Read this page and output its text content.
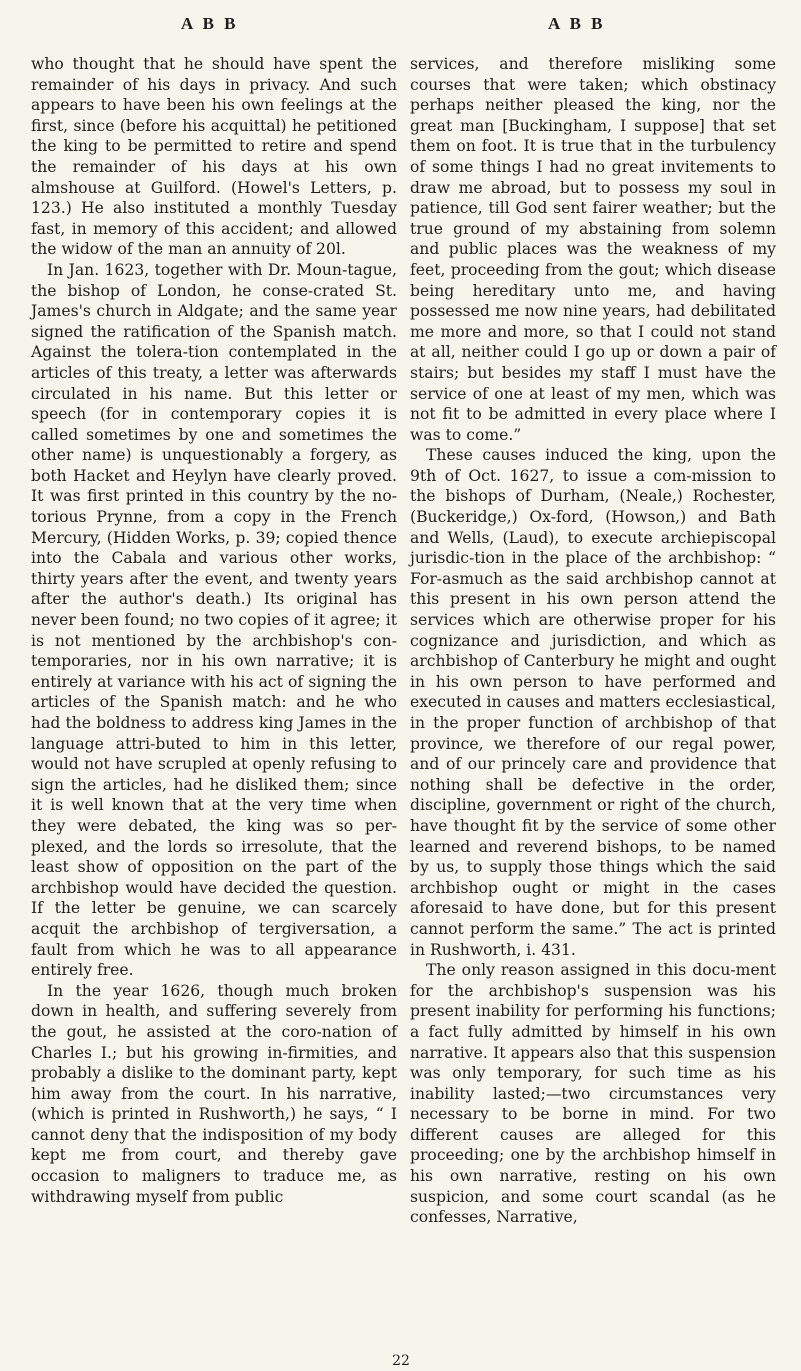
A B B	A B B

who thought that he should have spent the remainder of his days in privacy. And such appears to have been his own feelings at the first, since (before his acquittal) he petitioned the king to be permitted to retire and spend the remainder of his days at his own almshouse at Guilford. (Howel's Letters, p. 123.) He also instituted a monthly Tuesday fast, in memory of this accident; and allowed the widow of the man an annuity of 20l.

In Jan. 1623, together with Dr. Moun-tague, the bishop of London, he conse-crated St. James's church in Aldgate; and the same year signed the ratification of the Spanish match. Against the tolera-tion contemplated in the articles of this treaty, a letter was afterwards circulated in his name. But this letter or speech (for in contemporary copies it is called sometimes by one and sometimes the other name) is unquestionably a forgery, as both Hacket and Heylyn have clearly proved. It was first printed in this country by the no-torious Prynne, from a copy in the French Mercury, (Hidden Works, p. 39; copied thence into the Cabala and various other works, thirty years after the event, and twenty years after the author's death.) Its original has never been found; no two copies of it agree; it is not mentioned by the archbishop's con-temporaries, nor in his own narrative; it is entirely at variance with his act of signing the articles of the Spanish match: and he who had the boldness to address king James in the language attri-buted to him in this letter, would not have scrupled at openly refusing to sign the articles, had he disliked them; since it is well known that at the very time when they were debated, the king was so per-plexed, and the lords so irresolute, that the least show of opposition on the part of the archbishop would have decided the question. If the letter be genuine, we can scarcely acquit the archbishop of tergiversation, a fault from which he was to all appearance entirely free.

In the year 1626, though much broken down in health, and suffering severely from the gout, he assisted at the coro-nation of Charles I.; but his growing in-firmities, and probably a dislike to the dominant party, kept him away from the court. In his narrative, (which is printed in Rushworth,) he says, “ I cannot deny that the indisposition of my body kept me from court, and thereby gave occasion to maligners to traduce me, as withdrawing myself from public

services, and therefore misliking some courses that were taken; which obstinacy perhaps neither pleased the king, nor the great man [Buckingham, I suppose] that set them on foot. It is true that in the turbulency of some things I had no great invitements to draw me abroad, but to possess my soul in patience, till God sent fairer weather; but the true ground of my abstaining from solemn and public places was the weakness of my feet, proceeding from the gout; which disease being hereditary unto me, and having possessed me now nine years, had debilitated me more and more, so that I could not stand at all, neither could I go up or down a pair of stairs; but besides my staff I must have the service of one at least of my men, which was not fit to be admitted in every place where I was to come.”

These causes induced the king, upon the 9th of Oct. 1627, to issue a com-mission to the bishops of Durham, (Neale,) Rochester, (Buckeridge,) Ox-ford, (Howson,) and Bath and Wells, (Laud), to execute archiepiscopal jurisdic-tion in the place of the archbishop: “ For-asmuch as the said archbishop cannot at this present in his own person attend the services which are otherwise proper for his cognizance and jurisdiction, and which as archbishop of Canterbury he might and ought in his own person to have performed and executed in causes and matters ecclesiastical, in the proper function of archbishop of that province, we therefore of our regal power, and of our princely care and providence that nothing shall be defective in the order, discipline, government or right of the church, have thought fit by the service of some other learned and reverend bishops, to be named by us, to supply those things which the said archbishop ought or might in the cases aforesaid to have done, but for this present cannot perform the same.” The act is printed in Rushworth, i. 431.

The only reason assigned in this docu-ment for the archbishop's suspension was his present inability for performing his functions; a fact fully admitted by himself in his own narrative. It appears also that this suspension was only temporary, for such time as his inability lasted;—two circumstances very necessary to be borne in mind. For two different causes are alleged for this proceeding; one by the archbishop himself in his own narrative, resting on his own suspicion, and some court scandal (as he confesses, Narrative,

22
